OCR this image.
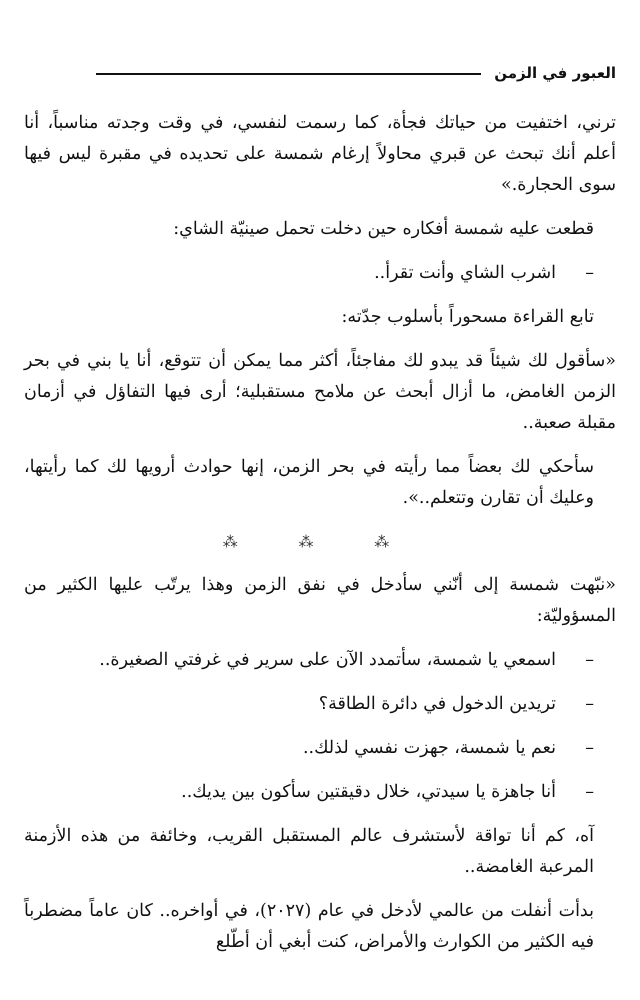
العبور في الزمن

ترني، اختفيت من حياتك فجأة، كما رسمت لنفسي، في وقت وجدته مناسباً، أنا أعلم أنك تبحث عن قبري محاولاً إرغام شمسة على تحديده في مقبرة ليس فيها سوى الحجارة.»

قطعت عليه شمسة أفكاره حين دخلت تحمل صينيّة الشاي:

–
اشرب الشاي وأنت تقرأ..

تابع القراءة مسحوراً بأسلوب جدّته:

«سأقول لك شيئاً قد يبدو لك مفاجئاً، أكثر مما يمكن أن تتوقع، أنا يا بني في بحر الزمن الغامض، ما أزال أبحث عن ملامح مستقبلية؛ أرى فيها التفاؤل في أزمان مقبلة صعبة..

سأحكي لك بعضاً مما رأيته في بحر الزمن، إنها حوادث أرويها لك كما رأيتها، وعليك أن تقارن وتتعلم..».

⁂ ⁂ ⁂

«نبّهت شمسة إلى أنّني سأدخل في نفق الزمن وهذا يرتّب عليها الكثير من المسؤوليّة:

–
اسمعي يا شمسة، سأتمدد الآن على سرير في غرفتي الصغيرة..
–
تريدين الدخول في دائرة الطاقة؟
–
نعم يا شمسة، جهزت نفسي لذلك..
–
أنا جاهزة يا سيدتي، خلال دقيقتين سأكون بين يديك..

آه، كم أنا تواقة لأستشرف عالم المستقبل القريب، وخائفة من هذه الأزمنة المرعبة الغامضة..

بدأت أنفلت من عالمي لأدخل في عام (٢٠٢٧)، في أواخره.. كان عاماً مضطرباً فيه الكثير من الكوارث والأمراض، كنت أبغي أن أطّلع
